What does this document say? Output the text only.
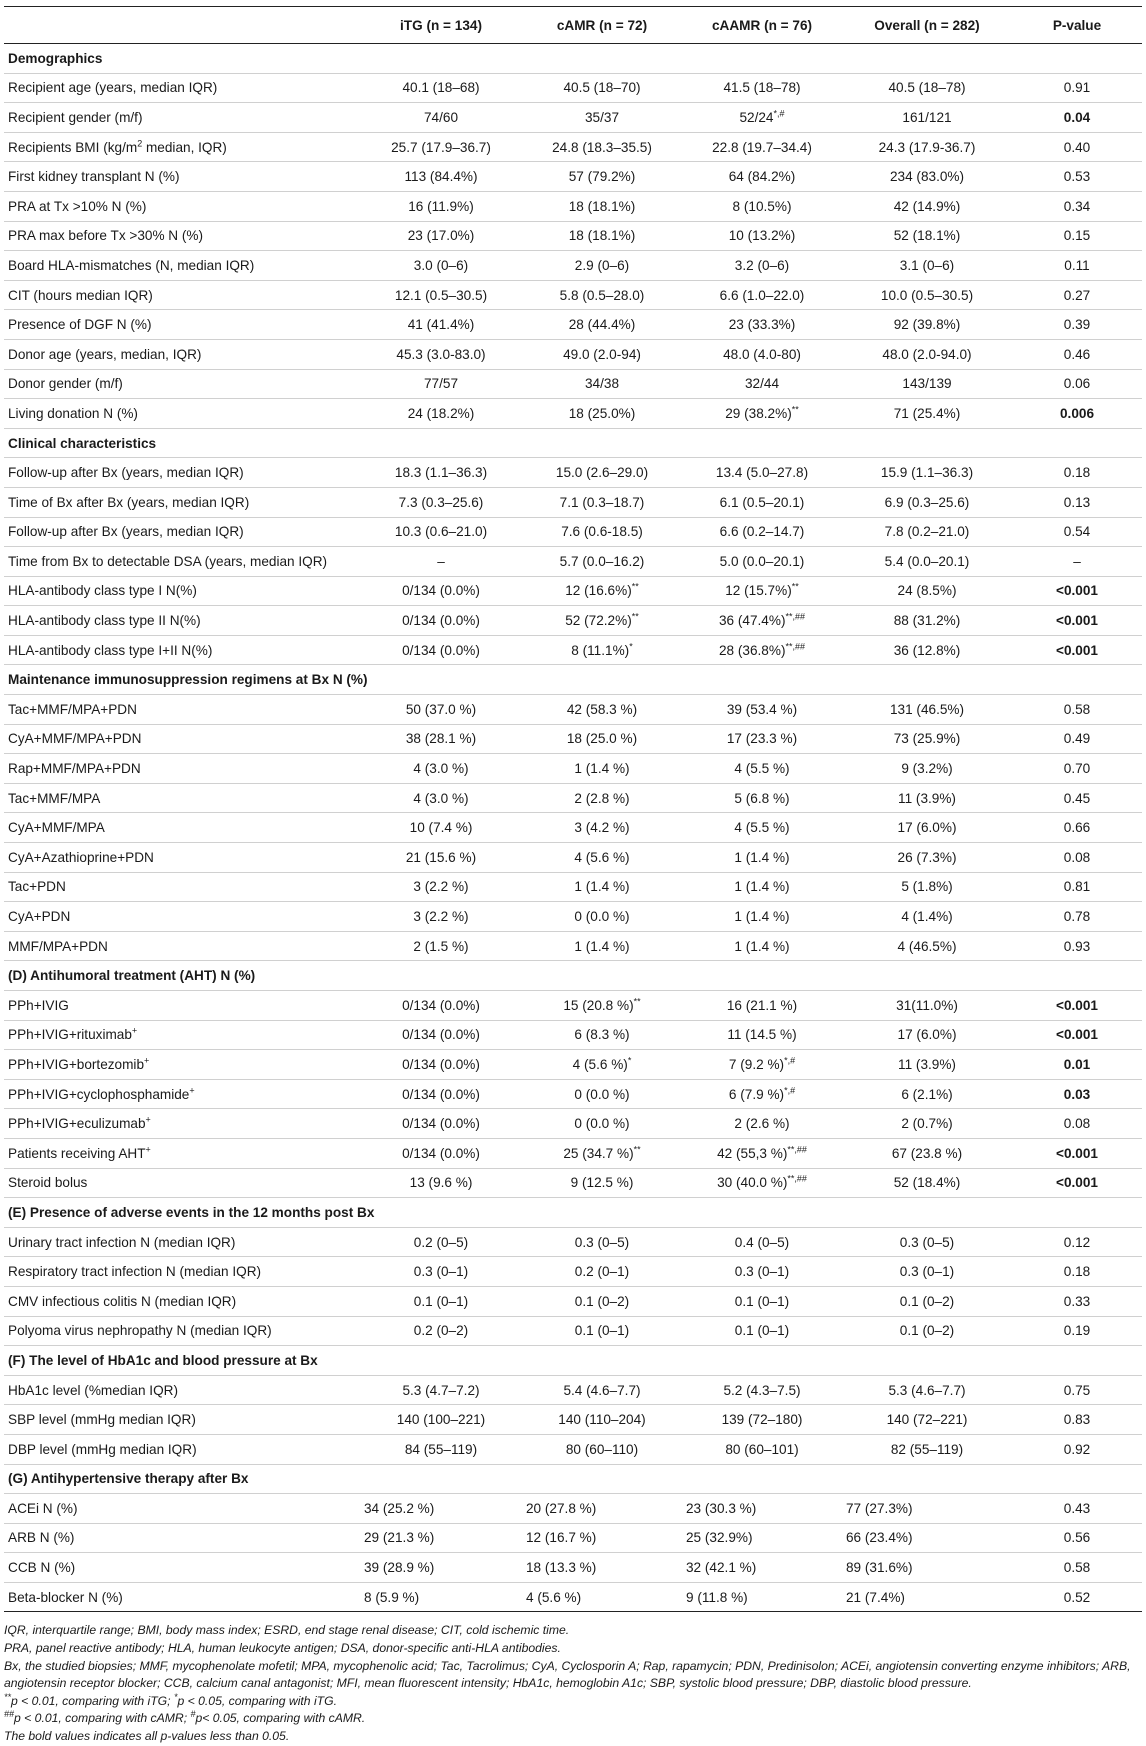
	iTG (n = 134)	cAMR (n = 72)	cAAMR (n = 76)	Overall (n = 282)	P-value
Demographics					
Recipient age (years, median IQR)	40.1 (18–68)	40.5 (18–70)	41.5 (18–78)	40.5 (18–78)	0.91
Recipient gender (m/f)	74/60	35/37	52/24*,#	161/121	0.04
Recipients BMI ($kg/m^2$ median, IQR)	25.7 (17.9–36.7)	24.8 (18.3–35.5)	22.8 (19.7–34.4)	24.3 (17.9-36.7)	0.40
First kidney transplant N (%)	113 (84.4%)	57 (79.2%)	64 (84.2%)	234 (83.0%)	0.53
PRA at Tx >10% N (%)	16 (11.9%)	18 (18.1%)	8 (10.5%)	42 (14.9%)	0.34
PRA max before Tx >30% N (%)	23 (17.0%)	18 (18.1%)	10 (13.2%)	52 (18.1%)	0.15
Board HLA-mismatches (N, median IQR)	3.0 (0–6)	2.9 (0–6)	3.2 (0–6)	3.1 (0–6)	0.11
CIT (hours median IQR)	12.1 (0.5–30.5)	5.8 (0.5–28.0)	6.6 (1.0–22.0)	10.0 (0.5–30.5)	0.27
Presence of DGF N (%)	41 (41.4%)	28 (44.4%)	23 (33.3%)	92 (39.8%)	0.39
Donor age (years, median, IQR)	45.3 (3.0-83.0)	49.0 (2.0-94)	48.0 (4.0-80)	48.0 (2.0-94.0)	0.46
Donor gender (m/f)	77/57	34/38	32/44	143/139	0.06
Living donation N (%)	24 (18.2%)	18 (25.0%)	29 (38.2%)**	71 (25.4%)	0.006
Clinical characteristics					
Follow-up after Bx (years, median IQR)	18.3 (1.1–36.3)	15.0 (2.6–29.0)	13.4 (5.0–27.8)	15.9 (1.1–36.3)	0.18
Time of Bx after Bx (years, median IQR)	7.3 (0.3–25.6)	7.1 (0.3–18.7)	6.1 (0.5–20.1)	6.9 (0.3–25.6)	0.13
Follow-up after Bx (years, median IQR)	10.3 (0.6–21.0)	7.6 (0.6-18.5)	6.6 (0.2–14.7)	7.8 (0.2–21.0)	0.54
Time from Bx to detectable DSA (years, median IQR)	–	5.7 (0.0–16.2)	5.0 (0.0–20.1)	5.4 (0.0–20.1)	–
HLA-antibody class type I N(%)	0/134 (0.0%)	12 (16.6%)**	12 (15.7%)**	24 (8.5%)	<0.001
HLA-antibody class type II N(%)	0/134 (0.0%)	52 (72.2%)**	36 (47.4%)**,##	88 (31.2%)	<0.001
HLA-antibody class type I+II N(%)	0/134 (0.0%)	8 (11.1%)*	28 (36.8%)**,##	36 (12.8%)	<0.001
Maintenance immunosuppression regimens at Bx N (%)					
Tac+MMF/MPA+PDN	50 (37.0 %)	42 (58.3 %)	39 (53.4 %)	131 (46.5%)	0.58
CyA+MMF/MPA+PDN	38 (28.1 %)	18 (25.0 %)	17 (23.3 %)	73 (25.9%)	0.49
Rap+MMF/MPA+PDN	4 (3.0 %)	1 (1.4 %)	4 (5.5 %)	9 (3.2%)	0.70
Tac+MMF/MPA	4 (3.0 %)	2 (2.8 %)	5 (6.8 %)	11 (3.9%)	0.45
CyA+MMF/MPA	10 (7.4 %)	3 (4.2 %)	4 (5.5 %)	17 (6.0%)	0.66
CyA+Azathioprine+PDN	21 (15.6 %)	4 (5.6 %)	1 (1.4 %)	26 (7.3%)	0.08
Tac+PDN	3 (2.2 %)	1 (1.4 %)	1 (1.4 %)	5 (1.8%)	0.81
CyA+PDN	3 (2.2 %)	0 (0.0 %)	1 (1.4 %)	4 (1.4%)	0.78
MMF/MPA+PDN	2 (1.5 %)	1 (1.4 %)	1 (1.4 %)	4 (46.5%)	0.93
(D) Antihumoral treatment (AHT) N (%)					
PPh+IVIG	0/134 (0.0%)	15 (20.8 %)**	16 (21.1 %)	31(11.0%)	<0.001
PPh+IVIG+rituximab+	0/134 (0.0%)	6 (8.3 %)	11 (14.5 %)	17 (6.0%)	<0.001
PPh+IVIG+bortezomib+	0/134 (0.0%)	4 (5.6 %)*	7 (9.2 %)*,#	11 (3.9%)	0.01
PPh+IVIG+cyclophosphamide+	0/134 (0.0%)	0 (0.0 %)	6 (7.9 %)*,#	6 (2.1%)	0.03
PPh+IVIG+eculizumab+	0/134 (0.0%)	0 (0.0 %)	2 (2.6 %)	2 (0.7%)	0.08
Patients receiving AHT+	0/134 (0.0%)	25 (34.7 %)**	42 (55,3 %)**,##	67 (23.8 %)	<0.001
Steroid bolus	13 (9.6 %)	9 (12.5 %)	30 (40.0 %)**,##	52 (18.4%)	<0.001
(E) Presence of adverse events in the 12 months post Bx					
Urinary tract infection N (median IQR)	0.2 (0–5)	0.3 (0–5)	0.4 (0–5)	0.3 (0–5)	0.12
Respiratory tract infection N (median IQR)	0.3 (0–1)	0.2 (0–1)	0.3 (0–1)	0.3 (0–1)	0.18
CMV infectious colitis N (median IQR)	0.1 (0–1)	0.1 (0–2)	0.1 (0–1)	0.1 (0–2)	0.33
Polyoma virus nephropathy N (median IQR)	0.2 (0–2)	0.1 (0–1)	0.1 (0–1)	0.1 (0–2)	0.19
(F) The level of HbA1c and blood pressure at Bx					
HbA1c level (%median IQR)	5.3 (4.7–7.2)	5.4 (4.6–7.7)	5.2 (4.3–7.5)	5.3 (4.6–7.7)	0.75
SBP level (mmHg median IQR)	140 (100–221)	140 (110–204)	139 (72–180)	140 (72–221)	0.83
DBP level (mmHg median IQR)	84 (55–119)	80 (60–110)	80 (60–101)	82 (55–119)	0.92
(G) Antihypertensive therapy after Bx					
ACEi N (%)	34 (25.2 %)	20 (27.8 %)	23 (30.3 %)	77 (27.3%)	0.43
ARB N (%)	29 (21.3 %)	12 (16.7 %)	25 (32.9%)	66 (23.4%)	0.56
CCB N (%)	39 (28.9 %)	18 (13.3 %)	32 (42.1 %)	89 (31.6%)	0.58
Beta-blocker N (%)	8 (5.9 %)	4 (5.6 %)	9 (11.8 %)	21 (7.4%)	0.52
IQR, interquartile range; BMI, body mass index; ESRD, end stage renal disease; CIT, cold ischemic time.
PRA, panel reactive antibody; HLA, human leukocyte antigen; DSA, donor-specific anti-HLA antibodies.
Bx, the studied biopsies; MMF, mycophenolate mofetil; MPA, mycophenolic acid; Tac, Tacrolimus; CyA, Cyclosporin A; Rap, rapamycin; PDN, Predinisolon; ACEi, angiotensin converting enzyme inhibitors; ARB, angiotensin receptor blocker; CCB, calcium canal antagonist; MFI, mean fluorescent intensity; HbA1c, hemoglobin A1c; SBP, systolic blood pressure; DBP, diastolic blood pressure.
**p < 0.01, comparing with iTG; *p < 0.05, comparing with iTG.
##p < 0.01, comparing with cAMR; #p< 0.05, comparing with cAMR.
The bold values indicates all p-values less than 0.05.
